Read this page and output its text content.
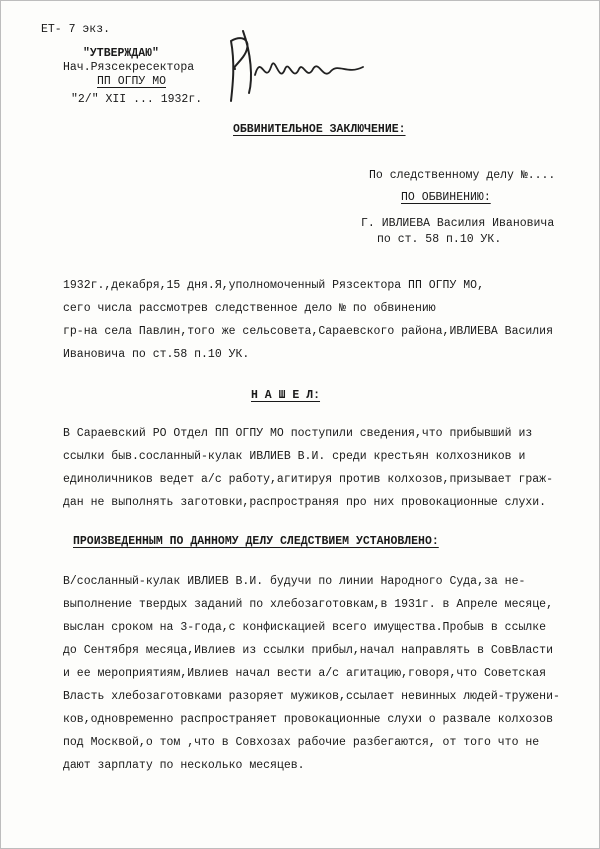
ЕТ- 7 экз.
"УТВЕРЖДАЮ"
Нач.Рязсекресектора
ПП ОГПУ МО
"2/" ХII ... 1932г.
ОБВИНИТЕЛЬНОЕ ЗАКЛЮЧЕНИЕ:
По следственному делу №....
ПО ОБВИНЕНИЮ:
Г. ИВЛИЕВА Василия Ивановича
по ст. 58 п.10 УК.
1932г.,декабря,15 дня.Я,уполномоченный Рязсектора ПП ОГПУ МО,
сего числа рассмотрев следственное дело № по обвинению
гр-на села Павлин,того же сельсовета,Сараевского района,ИВЛИЕВА Василия
Ивановича по ст.58 п.10 УК.
Н А Ш Е Л:
В Сараевский РО Отдел ПП ОГПУ МО поступили сведения,что прибывший из
ссылки быв.сосланный-кулак ИВЛИЕВ В.И. среди крестьян колхозников и
единоличников ведет а/с работу,агитируя против колхозов,призывает граж-
дан не выполнять заготовки,распространяя про них провокационные слухи.
ПРОИЗВЕДЕННЫМ ПО ДАННОМУ ДЕЛУ СЛЕДСТВИЕМ УСТАНОВЛЕНО:
В/сосланный-кулак ИВЛИЕВ В.И. будучи по линии Народного Суда,за не-
выполнение твердых заданий по хлебозаготовкам,в 1931г. в Апреле месяце,
выслан сроком на 3-года,с конфискацией всего имущества.Пробыв в ссылке
до Сентября месяца,Ивлиев из ссылки прибыл,начал направлять в СовВласти
и ее мероприятиям,Ивлиев начал вести а/с агитацию,говоря,что Советская
Власть хлебозаготовками разоряет мужиков,ссылает невинных людей-тружени-
ков,одновременно распространяет провокационные слухи о развале колхозов
под Москвой,о том ,что в Совхозах рабочие разбегаются, от того что не
дают зарплату по несколько месяцев.
